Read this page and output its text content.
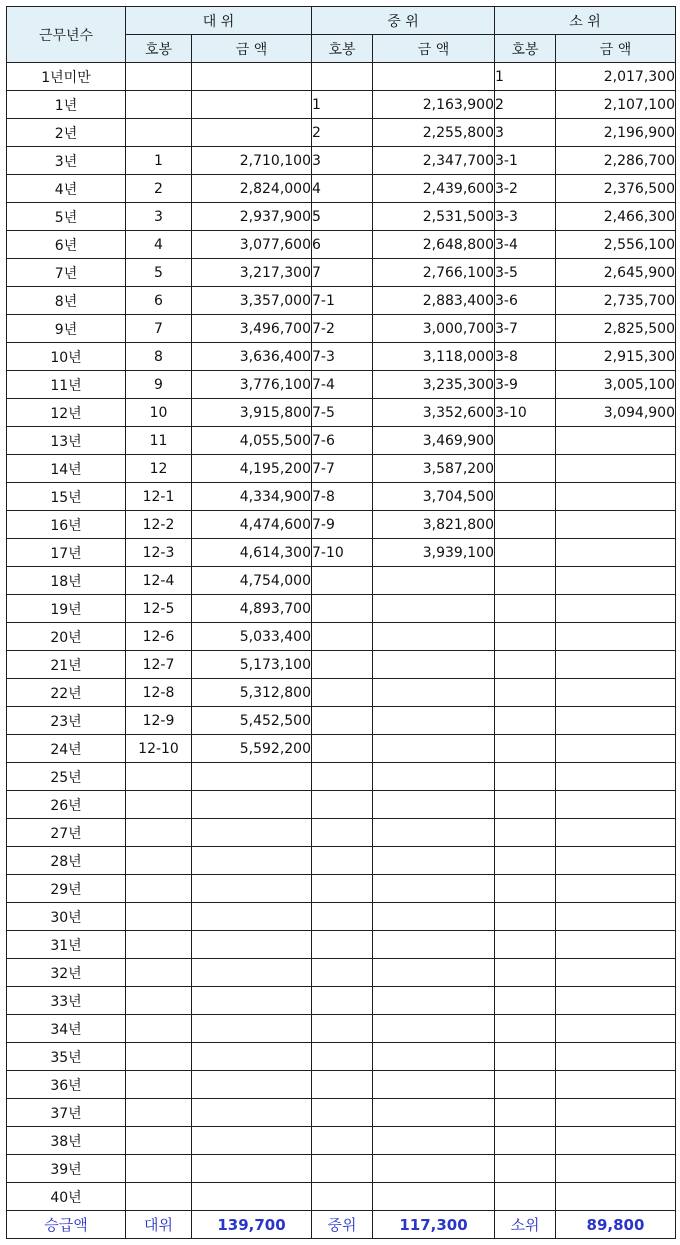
근무년수	대 위		중 위		소 위	
	호봉	금 액	호봉	금 액	호봉	금 액
1년미만					1	2,017,300
1년			1	2,163,900	2	2,107,100
2년			2	2,255,800	3	2,196,900
3년	1	2,710,100	3	2,347,700	3-1	2,286,700
4년	2	2,824,000	4	2,439,600	3-2	2,376,500
5년	3	2,937,900	5	2,531,500	3-3	2,466,300
6년	4	3,077,600	6	2,648,800	3-4	2,556,100
7년	5	3,217,300	7	2,766,100	3-5	2,645,900
8년	6	3,357,000	7-1	2,883,400	3-6	2,735,700
9년	7	3,496,700	7-2	3,000,700	3-7	2,825,500
10년	8	3,636,400	7-3	3,118,000	3-8	2,915,300
11년	9	3,776,100	7-4	3,235,300	3-9	3,005,100
12년	10	3,915,800	7-5	3,352,600	3-10	3,094,900
13년	11	4,055,500	7-6	3,469,900		
14년	12	4,195,200	7-7	3,587,200		
15년	12-1	4,334,900	7-8	3,704,500		
16년	12-2	4,474,600	7-9	3,821,800		
17년	12-3	4,614,300	7-10	3,939,100		
18년	12-4	4,754,000				
19년	12-5	4,893,700				
20년	12-6	5,033,400				
21년	12-7	5,173,100				
22년	12-8	5,312,800				
23년	12-9	5,452,500				
24년	12-10	5,592,200				
25년						
26년						
27년						
28년						
29년						
30년						
31년						
32년						
33년						
34년						
35년						
36년						
37년						
38년						
39년						
40년						
승급액	대위	139,700	중위	117,300	소위	89,800
